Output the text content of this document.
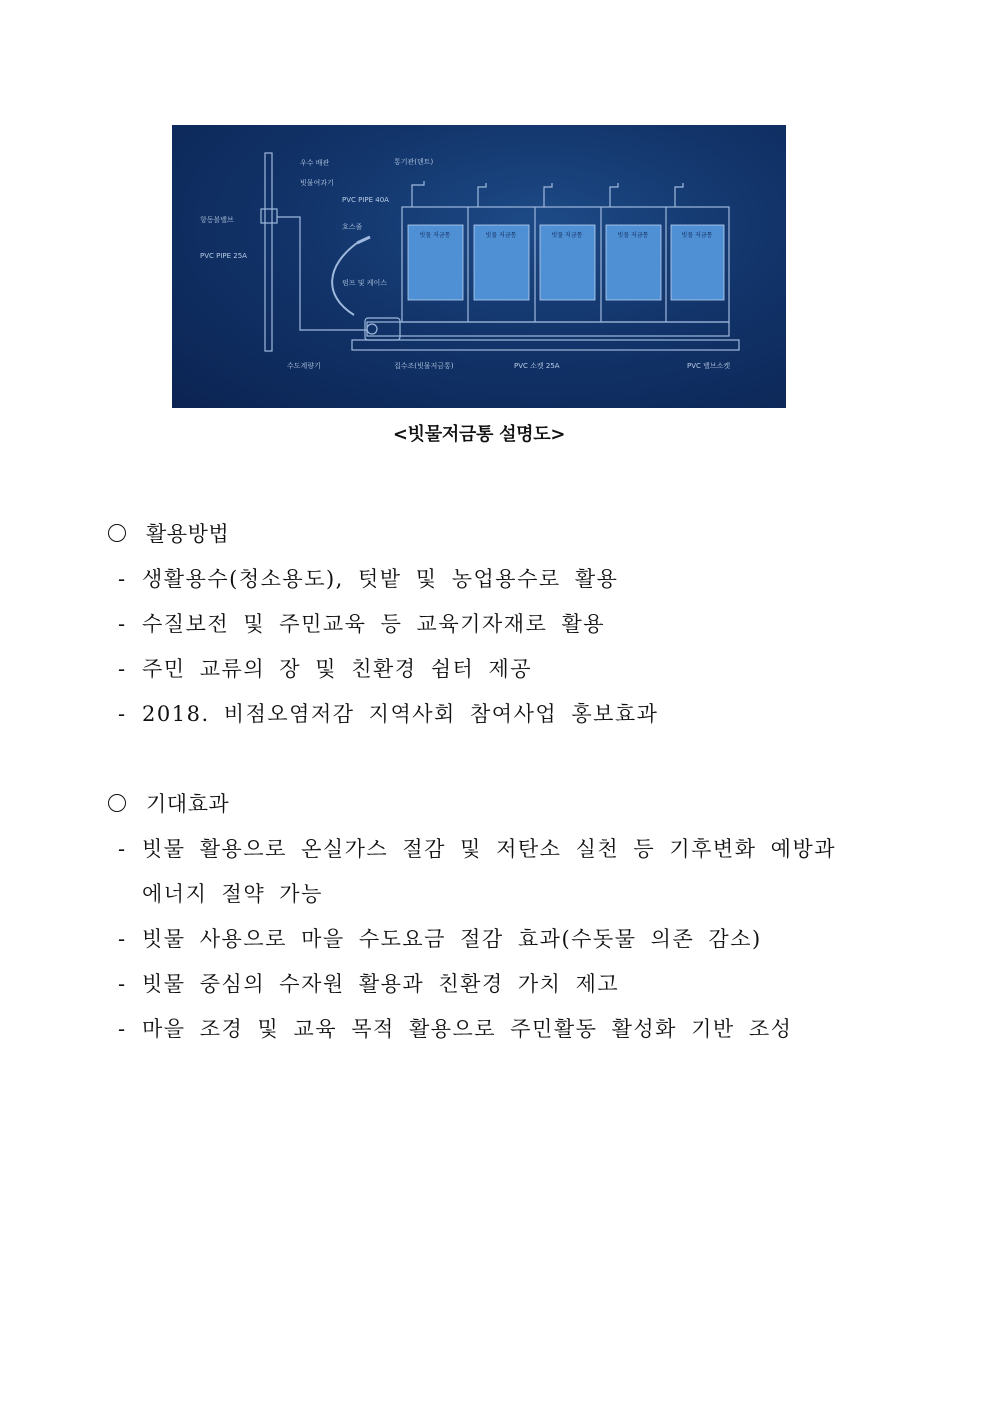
빗물 저금통	빗물 저금통	빗물 저금통	빗물 저금통	빗물 저금통
우수 배관
빗물여과기
항동볼밸브
PVC PIPE 25A
통기관(덴트)
PVC PIPE 40A
호스줄
펌프 및 케이스
수도계량기	집수조(빗물저금통)	PVC 소켓 25A	PVC 밸브소켓
<빗물저금통 설명도>
활용방법
- 생활용수(청소용도), 텃밭 및 농업용수로 활용
- 수질보전 및 주민교육 등 교육기자재로 활용
- 주민 교류의 장 및 친환경 쉼터 제공
- 2018. 비점오염저감 지역사회 참여사업 홍보효과
기대효과
- 빗물 활용으로 온실가스 절감 및 저탄소 실천 등 기후변화 예방과
에너지 절약 가능
- 빗물 사용으로 마을 수도요금 절감 효과(수돗물 의존 감소)
- 빗물 중심의 수자원 활용과 친환경 가치 제고
- 마을 조경 및 교육 목적 활용으로 주민활동 활성화 기반 조성
